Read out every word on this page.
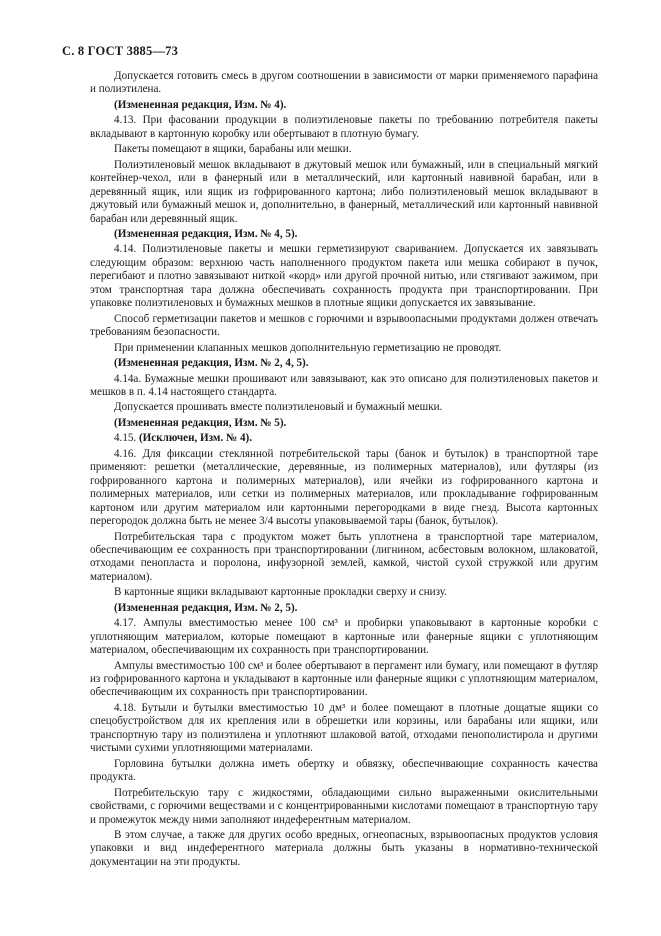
С. 8 ГОСТ 3885—73

Допускается готовить смесь в другом соотношении в зависимости от марки применяемого парафина и полиэтилена.

(Измененная редакция, Изм. № 4).

4.13. При фасовании продукции в полиэтиленовые пакеты по требованию потребителя пакеты вкладывают в картонную коробку или обертывают в плотную бумагу.

Пакеты помещают в ящики, барабаны или мешки.

Полиэтиленовый мешок вкладывают в джутовый мешок или бумажный, или в специальный мягкий контейнер-чехол, или в фанерный или в металлический, или картонный навивной барабан, или в деревянный ящик, или ящик из гофрированного картона; либо полиэтиленовый мешок вкладывают в джутовый или бумажный мешок и, дополнительно, в фанерный, металлический или картонный навивной барабан или деревянный ящик.

(Измененная редакция, Изм. № 4, 5).

4.14. Полиэтиленовые пакеты и мешки герметизируют свариванием. Допускается их завязывать следующим образом: верхнюю часть наполненного продуктом пакета или мешка собирают в пучок, перегибают и плотно завязывают ниткой «корд» или другой прочной нитью, или стягивают зажимом, при этом транспортная тара должна обеспечивать сохранность продукта при транспортировании. При упаковке полиэтиленовых и бумажных мешков в плотные ящики допускается их завязывание.

Способ герметизации пакетов и мешков с горючими и взрывоопасными продуктами должен отвечать требованиям безопасности.

При применении клапанных мешков дополнительную герметизацию не проводят.

(Измененная редакция, Изм. № 2, 4, 5).

4.14а. Бумажные мешки прошивают или завязывают, как это описано для полиэтиленовых пакетов и мешков в п. 4.14 настоящего стандарта.

Допускается прошивать вместе полиэтиленовый и бумажный мешки.

(Измененная редакция, Изм. № 5).

4.15. (Исключен, Изм. № 4).

4.16. Для фиксации стеклянной потребительской тары (банок и бутылок) в транспортной таре применяют: решетки (металлические, деревянные, из полимерных материалов), или футляры (из гофрированного картона и полимерных материалов), или ячейки из гофрированного картона и полимерных материалов, или сетки из полимерных материалов, или прокладывание гофрированным картоном или другим материалом или картонными перегородками в виде гнезд. Высота картонных перегородок должна быть не менее 3/4 высоты упаковываемой тары (банок, бутылок).

Потребительская тара с продуктом может быть уплотнена в транспортной таре материалом, обеспечивающим ее сохранность при транспортировании (лигнином, асбестовым волокном, шлаковатой, отходами пенопласта и поролона, инфузорной землей, камкой, чистой сухой стружкой или другим материалом).

В картонные ящики вкладывают картонные прокладки сверху и снизу.

(Измененная редакция, Изм. № 2, 5).

4.17. Ампулы вместимостью менее 100 см³ и пробирки упаковывают в картонные коробки с уплотняющим материалом, которые помещают в картонные или фанерные ящики с уплотняющим материалом, обеспечивающим их сохранность при транспортировании.

Ампулы вместимостью 100 см³ и более обертывают в пергамент или бумагу, или помещают в футляр из гофрированного картона и укладывают в картонные или фанерные ящики с уплотняющим материалом, обеспечивающим их сохранность при транспортировании.

4.18. Бутыли и бутылки вместимостью 10 дм³ и более помещают в плотные дощатые ящики со спецобустройством для их крепления или в обрешетки или корзины, или барабаны или ящики, или транспортную тару из полиэтилена и уплотняют шлаковой ватой, отходами пенополистирола и другими чистыми сухими уплотняющими материалами.

Горловина бутылки должна иметь обертку и обвязку, обеспечивающие сохранность качества продукта.

Потребительскую тару с жидкостями, обладающими сильно выраженными окислительными свойствами, с горючими веществами и с концентрированными кислотами помещают в транспортную тару и промежуток между ними заполняют индеферентным материалом.

В этом случае, а также для других особо вредных, огнеопасных, взрывоопасных продуктов условия упаковки и вид индеферентного материала должны быть указаны в нормативно-технической документации на эти продукты.
